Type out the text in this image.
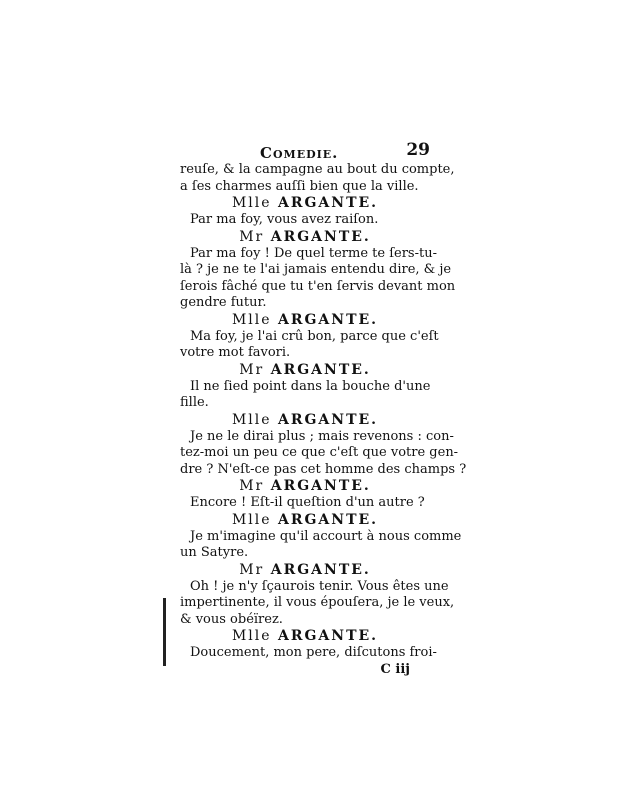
Comedie.	29
reuſe, & la campagne au bout du compte,
a ſes charmes auſſi bien que la ville.
Mlle ARGANTE.
Par ma foy, vous avez raiſon.
Mr ARGANTE.
Par ma foy ! De quel terme te ſers-tu-
là ? je ne te l'ai jamais entendu dire, & je
ſerois fâché que tu t'en ſervis devant mon
gendre futur.
Mlle ARGANTE.
Ma foy, je l'ai crû bon, parce que c'eſt
votre mot favori.
Mr ARGANTE.
Il ne ſied point dans la bouche d'une
fille.
Mlle ARGANTE.
Je ne le dirai plus ; mais revenons : con-
tez-moi un peu ce que c'eſt que votre gen-
dre ? N'eſt-ce pas cet homme des champs ?
Mr ARGANTE.
Encore ! Eſt-il queſtion d'un autre ?
Mlle ARGANTE.
Je m'imagine qu'il accourt à nous comme
un Satyre.
Mr ARGANTE.
Oh ! je n'y ſçaurois tenir. Vous êtes une
impertinente, il vous épouſera, je le veux,
& vous obéïrez.
Mlle ARGANTE.
Doucement, mon pere, diſcutons froi-
C iij
